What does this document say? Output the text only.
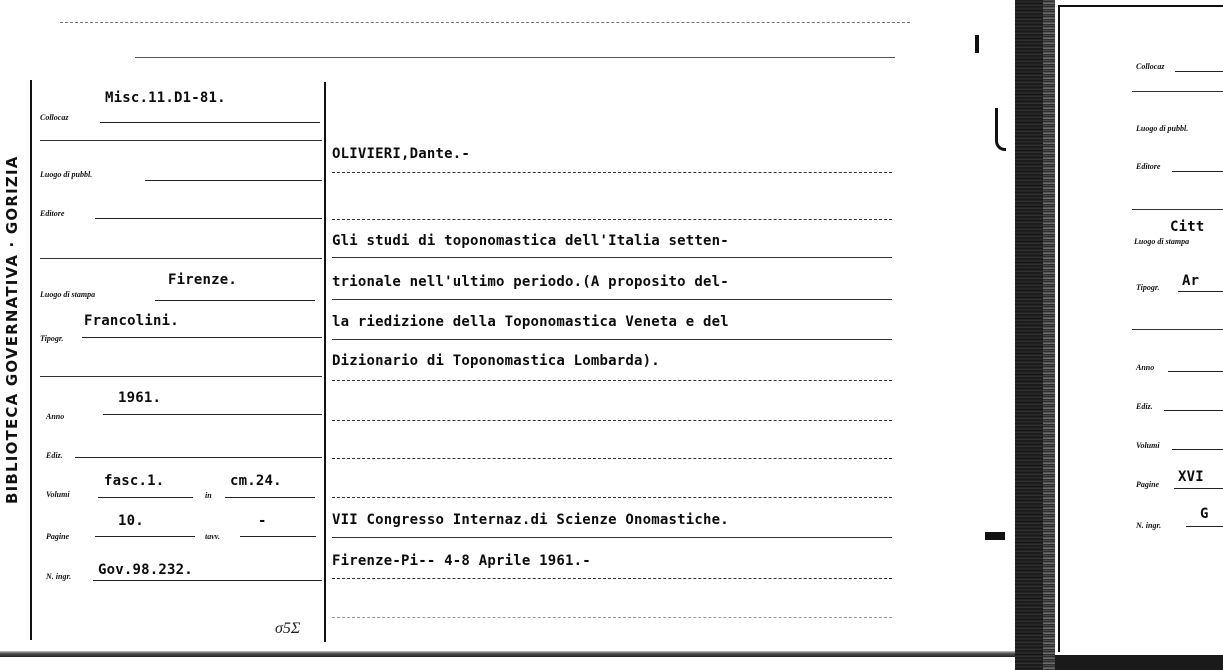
BIBLIOTECA GOVERNATIVA · GORIZIA
Collocaz
Misc.11.D1-81.
Luogo di pubbl.
Editore
Luogo di stampa
Firenze.
Tipogr.
Francolini.
Anno
1961.
Ediz.
Volumi
fasc.1.
in
cm.24.
Pagine
10.
tavv.
-
N. ingr. Gov.98.232.
σ5Σ
OLIVIERI,Dante.-
Gli studi di toponomastica dell'Italia setten-
trionale nell'ultimo periodo.(A proposito del-
la riedizione della Toponomastica Veneta e del
Dizionario di Toponomastica Lombarda).
VII Congresso Internaz.di Scienze Onomastiche.
Firenze-Pi-- 4-8 Aprile 1961.-
Collocaz
Luogo di pubbl.
Editore
Citt
Luogo di stampa
Tipogr. Ar
Anno
Ediz.
Volumi
Pagine XVI
N. ingr.
G
